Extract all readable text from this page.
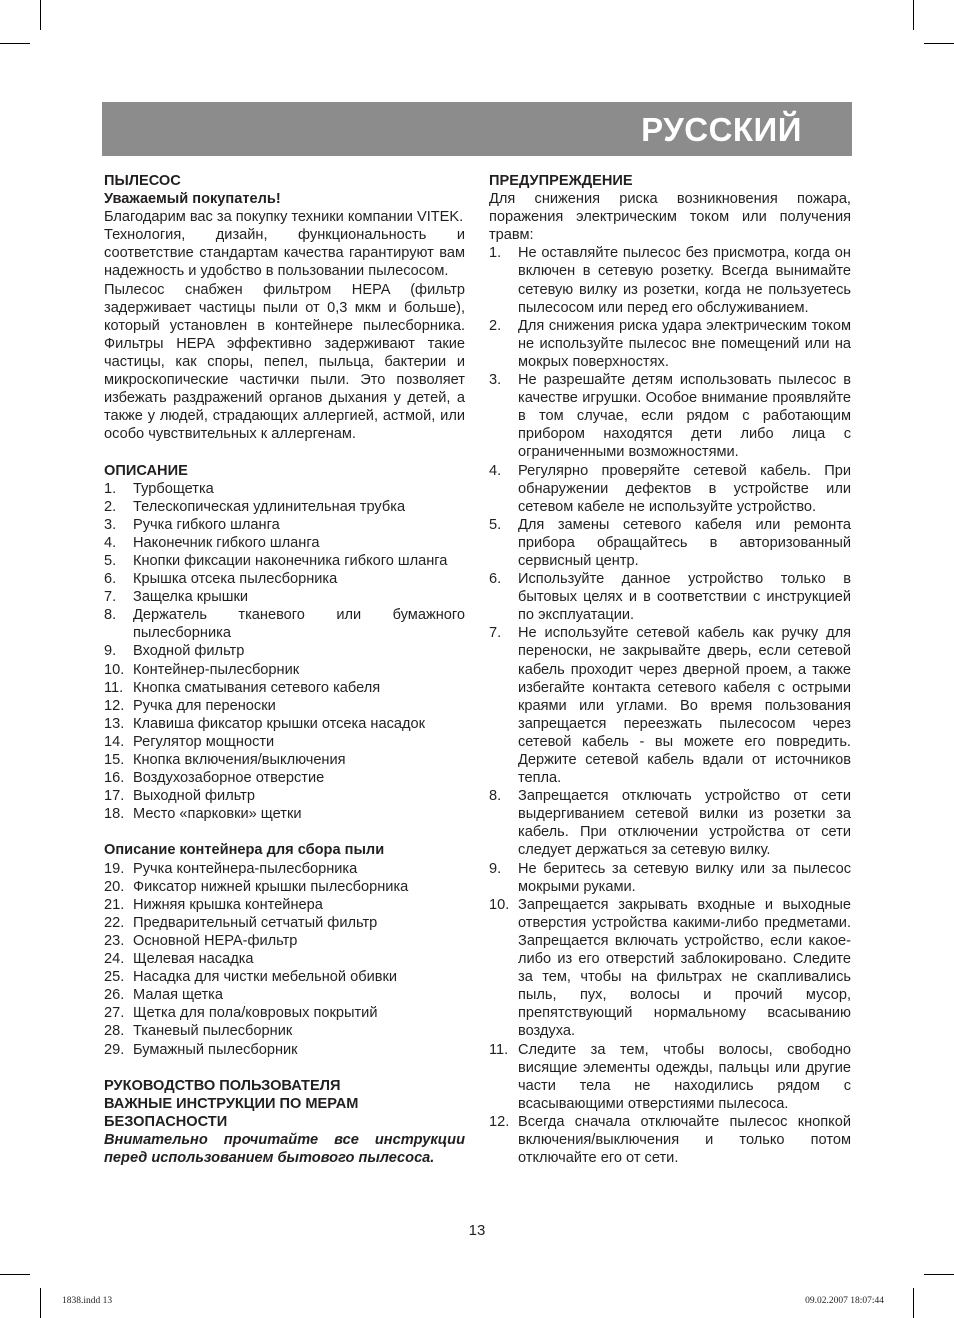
РУССКИЙ
ПЫЛЕСОС
Уважаемый покупатель!
Благодарим вас за покупку техники компании VITEK.
Технология, дизайн, функциональность и соответствие стандартам качества гарантируют вам надежность и удобство в пользовании пылесосом.
Пылесос снабжен фильтром HEPA (фильтр задерживает частицы пыли от 0,3 мкм и больше), который установлен в контейнере пылесборника. Фильтры HEPA эффективно задерживают такие частицы, как споры, пепел, пыльца, бактерии и микроскопические частички пыли. Это позволяет избежать раздражений органов дыхания у детей, а также у людей, страдающих аллергией, астмой, или особо чувствительных к аллергенам.
ОПИСАНИЕ
1.	Турбощетка
2.	Телескопическая удлинительная трубка
3.	Ручка гибкого шланга
4.	Наконечник гибкого шланга
5.	Кнопки фиксации наконечника гибкого шланга
6.	Крышка отсека пылесборника
7.	Защелка крышки
8.	Держатель тканевого или бумажного пылесборника
9.	Входной фильтр
10. Контейнер-пылесборник
11. Кнопка сматывания сетевого кабеля
12. Ручка для переноски
13. Клавиша фиксатор крышки отсека насадок
14. Регулятор мощности
15. Кнопка включения/выключения
16. Воздухозаборное отверстие
17. Выходной фильтр
18. Место «парковки» щетки
Описание контейнера для сбора пыли
19. Ручка контейнера-пылесборника
20. Фиксатор нижней крышки пылесборника
21. Нижняя крышка контейнера
22. Предварительный сетчатый фильтр
23. Основной HEPA-фильтр
24. Щелевая насадка
25. Насадка для чистки мебельной обивки
26. Малая щетка
27. Щетка для пола/ковровых покрытий
28. Тканевый пылесборник
29. Бумажный пылесборник
РУКОВОДСТВО ПОЛЬЗОВАТЕЛЯ
ВАЖНЫЕ ИНСТРУКЦИИ ПО МЕРАМ БЕЗОПАСНОСТИ
Внимательно прочитайте все инструкции перед использованием бытового пылесоса.
ПРЕДУПРЕЖДЕНИЕ
Для снижения риска возникновения пожара, поражения электрическим током или получения травм:
1.	Не оставляйте пылесос без присмотра, когда он включен в сетевую розетку. Всегда вынимайте сетевую вилку из розетки, когда не пользуетесь пылесосом или перед его обслуживанием.
2.	Для снижения риска удара электрическим током не используйте пылесос вне помещений или на мокрых поверхностях.
3.	Не разрешайте детям использовать пылесос в качестве игрушки. Особое внимание проявляйте в том случае, если рядом с работающим прибором находятся дети либо лица с ограниченными возможностями.
4.	Регулярно проверяйте сетевой кабель. При обнаружении дефектов в устройстве или сетевом кабеле не используйте устройство.
5.	Для замены сетевого кабеля или ремонта прибора обращайтесь в авторизованный сервисный центр.
6.	Используйте данное устройство только в бытовых целях и в соответствии с инструкцией по эксплуатации.
7.	Не используйте сетевой кабель как ручку для переноски, не закрывайте дверь, если сетевой кабель проходит через дверной проем, а также избегайте контакта сетевого кабеля с острыми краями или углами. Во время пользования запрещается переезжать пылесосом через сетевой кабель - вы можете его повредить. Держите сетевой кабель вдали от источников тепла.
8.	Запрещается отключать устройство от сети выдергиванием сетевой вилки из розетки за кабель. При отключении устройства от сети следует держаться за сетевую вилку.
9.	Не беритесь за сетевую вилку или за пылесос мокрыми руками.
10. Запрещается закрывать входные и выходные отверстия устройства какими-либо предметами. Запрещается включать устройство, если какое-либо из его отверстий заблокировано. Следите за тем, чтобы на фильтрах не скапливались пыль, пух, волосы и прочий мусор, препятствующий нормальному всасыванию воздуха.
11. Следите за тем, чтобы волосы, свободно висящие элементы одежды, пальцы или другие части тела не находились рядом с всасывающими отверстиями пылесоса.
12. Всегда сначала отключайте пылесос кнопкой включения/выключения и только потом отключайте его от сети.
13
1838.indd 13	09.02.2007 18:07:44
